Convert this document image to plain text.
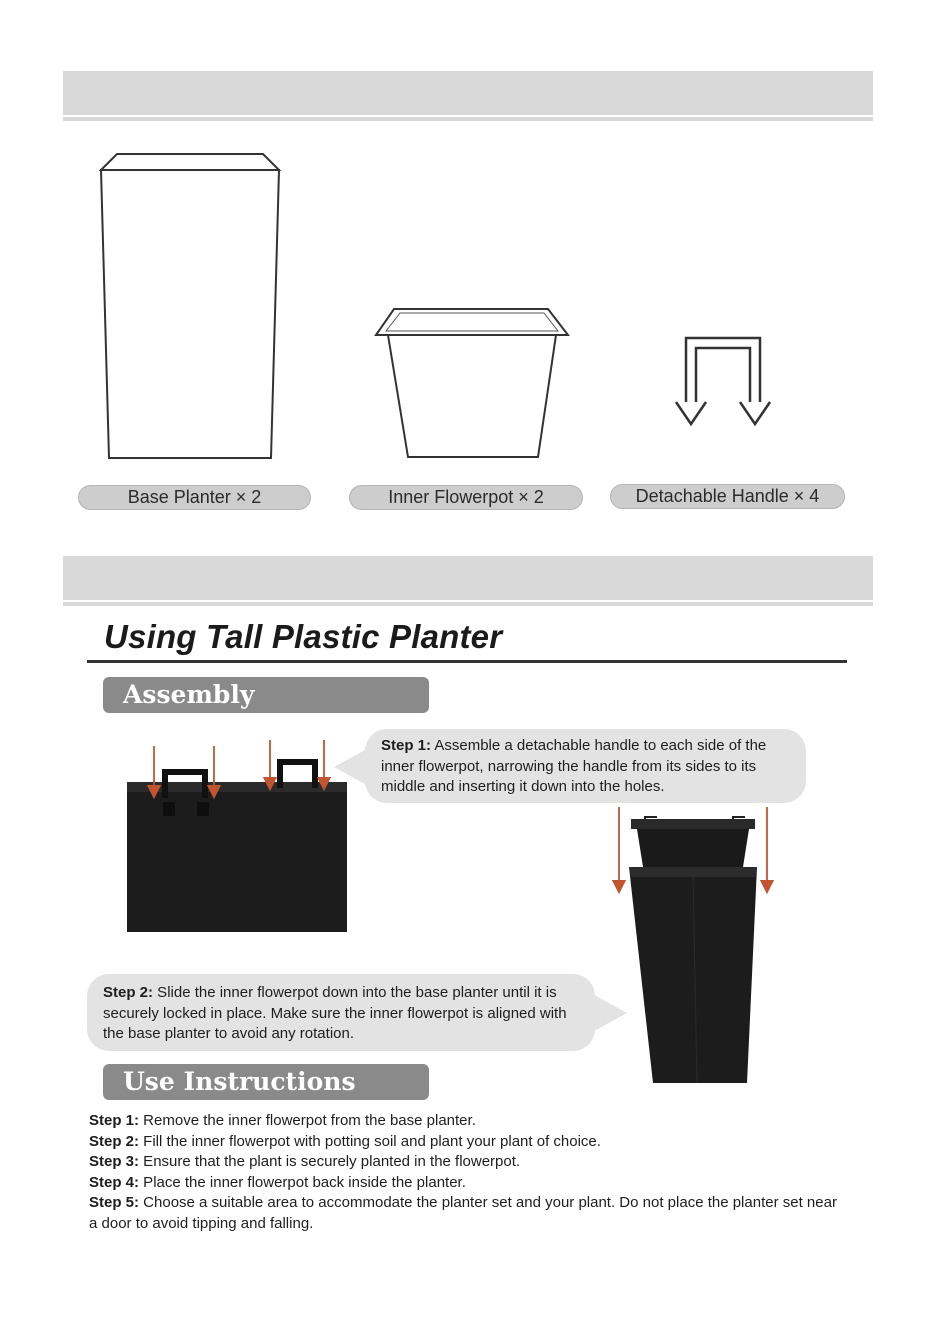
Base Planter × 2	Inner Flowerpot × 2	Detachable Handle × 4
Using Tall Plastic Planter
Assembly Instructions
Step 1: Assemble a detachable handle to each side of the inner flowerpot, narrowing the handle from its sides to its middle and inserting it down into the holes.
Step 2: Slide the inner flowerpot down into the base planter until it is securely locked in place. Make sure the inner flowerpot is aligned with the base planter to avoid any rotation.
Use Instructions
Step 1: Remove the inner flowerpot from the base planter.
Step 2: Fill the inner flowerpot with potting soil and plant your plant of choice.
Step 3: Ensure that the plant is securely planted in the flowerpot.
Step 4: Place the inner flowerpot back inside the planter.
Step 5: Choose a suitable area to accommodate the planter set and your plant. Do not place the planter set near a door to avoid tipping and falling.
